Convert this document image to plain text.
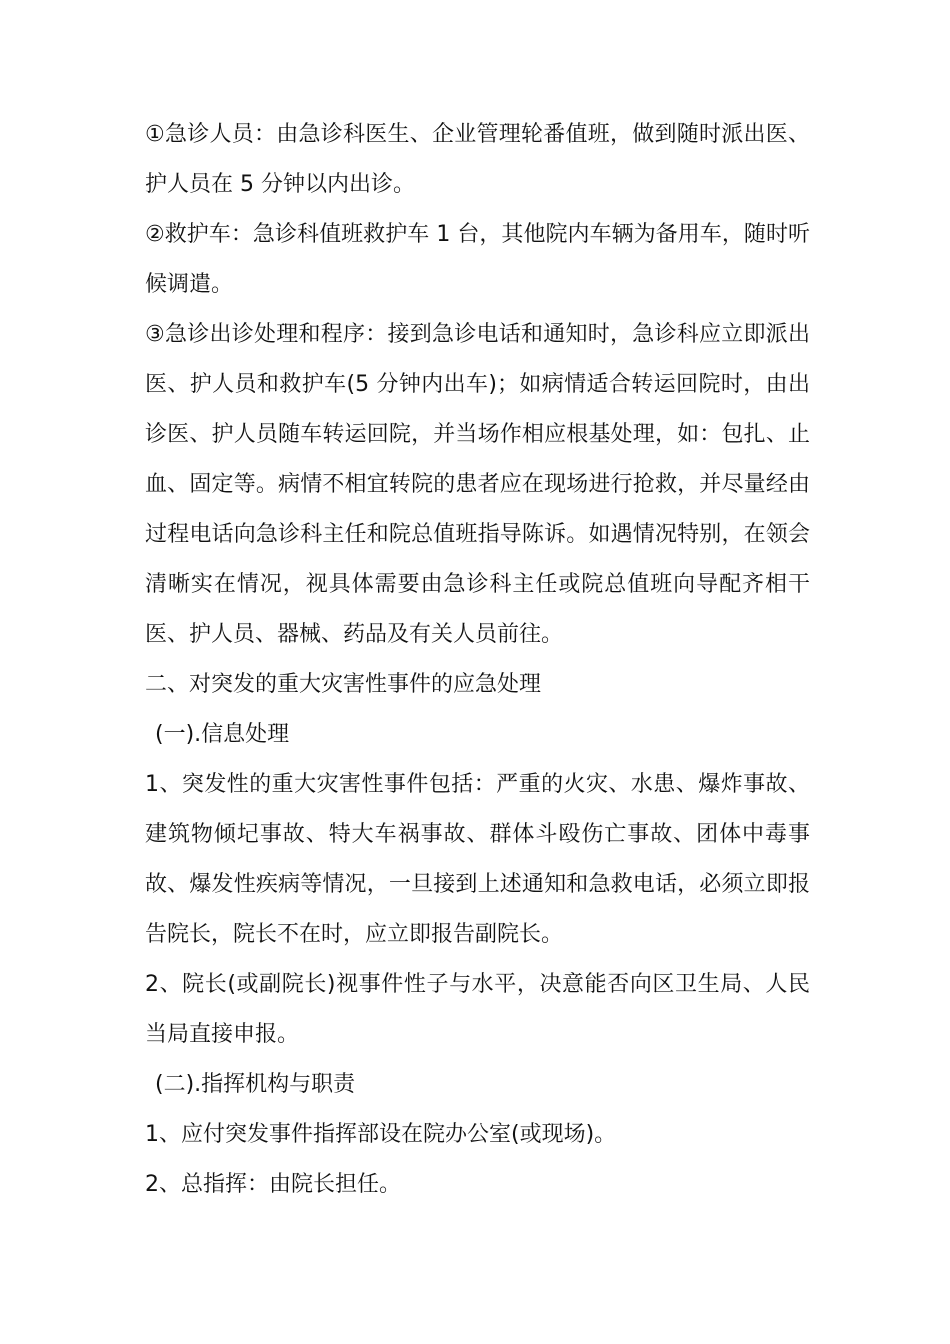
①急诊人员：由急诊科医生、企业管理轮番值班，做到随时派出医、护人员在 5 分钟以内出诊。

②救护车：急诊科值班救护车 1 台，其他院内车辆为备用车，随时听候调遣。

③急诊出诊处理和程序：接到急诊电话和通知时，急诊科应立即派出医、护人员和救护车(5 分钟内出车)；如病情适合转运回院时，由出诊医、护人员随车转运回院，并当场作相应根基处理，如：包扎、止血、固定等。病情不相宜转院的患者应在现场进行抢救，并尽量经由过程电话向急诊科主任和院总值班指导陈诉。如遇情况特别，在领会清晰实在情况，视具体需要由急诊科主任或院总值班向导配齐相干医、护人员、器械、药品及有关人员前往。

二、对突发的重大灾害性事件的应急处理

(一).信息处理

1、突发性的重大灾害性事件包括：严重的火灾、水患、爆炸事故、建筑物倾圮事故、特大车祸事故、群体斗殴伤亡事故、团体中毒事故、爆发性疾病等情况，一旦接到上述通知和急救电话，必须立即报告院长，院长不在时，应立即报告副院长。

2、院长(或副院长)视事件性子与水平，决意能否向区卫生局、人民当局直接申报。

(二).指挥机构与职责

1、应付突发事件指挥部设在院办公室(或现场)。

2、总指挥：由院长担任。
